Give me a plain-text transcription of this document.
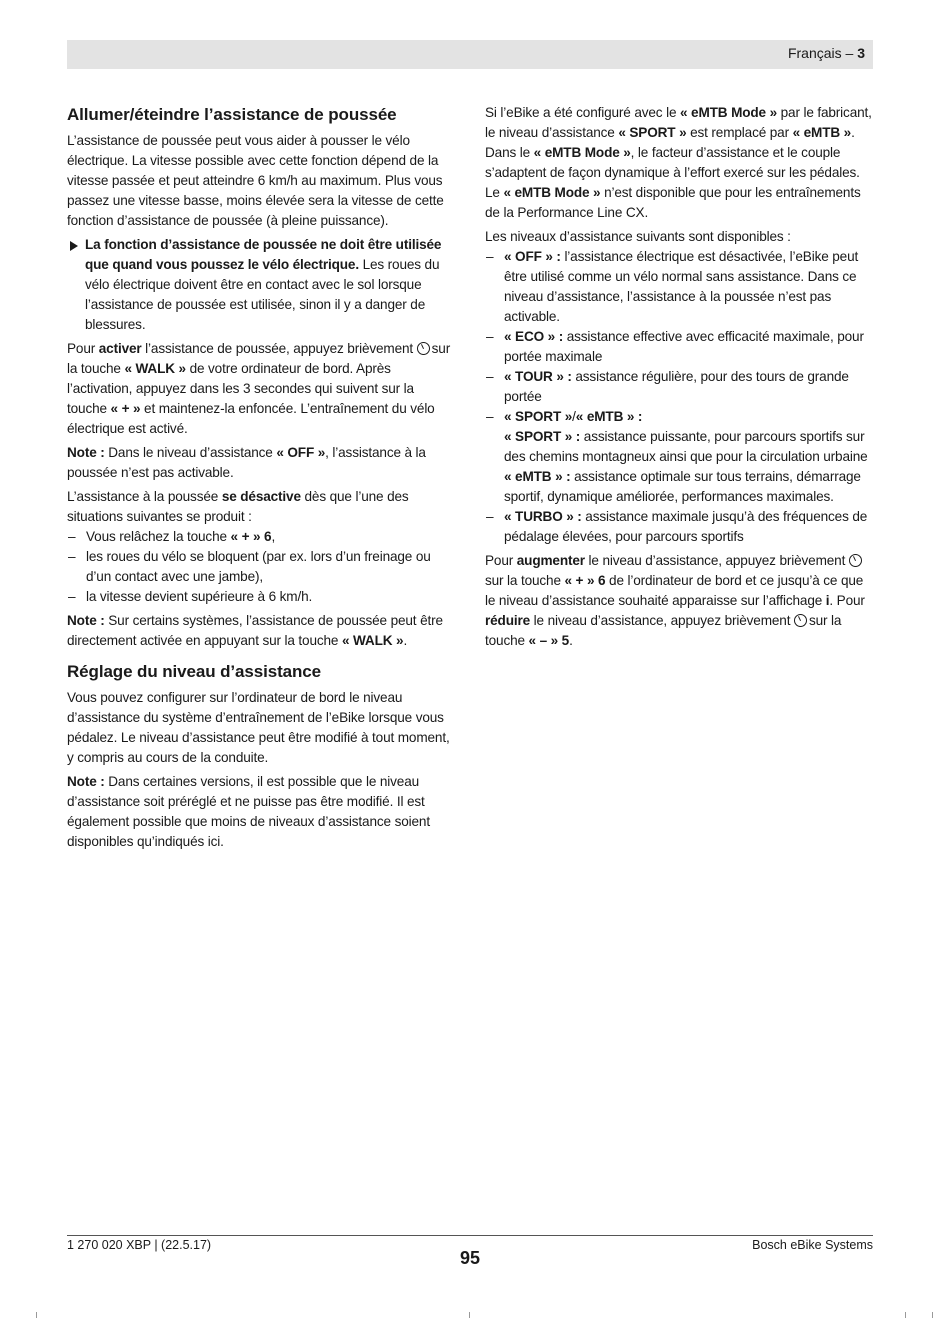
Français – 3
Allumer/éteindre l’assistance de poussée

L’assistance de poussée peut vous aider à pousser le vélo électrique. La vitesse possible avec cette fonction dépend de la vitesse passée et peut atteindre 6 km/h au maximum. Plus vous passez une vitesse basse, moins élevée sera la vitesse de cette fonction d’assistance de poussée (à pleine puissance).

La fonction d’assistance de poussée ne doit être utilisée que quand vous poussez le vélo électrique. Les roues du vélo électrique doivent être en contact avec le sol lorsque l’assistance de poussée est utilisée, sinon il y a danger de blessures.

Pour activer l’assistance de poussée, appuyez brièvement sur la touche « WALK » de votre ordinateur de bord. Après l’activation, appuyez dans les 3 secondes qui suivent sur la touche « + » et maintenez-la enfoncée. L’entraînement du vélo électrique est activé.

Note : Dans le niveau d’assistance « OFF », l’assistance à la poussée n’est pas activable.

L’assistance à la poussée se désactive dès que l’une des situations suivantes se produit :

– Vous relâchez la touche « + » 6,
– les roues du vélo se bloquent (par ex. lors d’un freinage ou d’un contact avec une jambe),
– la vitesse devient supérieure à 6 km/h.

Note : Sur certains systèmes, l’assistance de poussée peut être directement activée en appuyant sur la touche « WALK ».

Réglage du niveau d’assistance

Vous pouvez configurer sur l’ordinateur de bord le niveau d’assistance du système d’entraînement de l’eBike lorsque vous pédalez. Le niveau d’assistance peut être modifié à tout moment, y compris au cours de la conduite.

Note : Dans certaines versions, il est possible que le niveau d’assistance soit préréglé et ne puisse pas être modifié. Il est également possible que moins de niveaux d’assistance soient disponibles qu’indiqués ici.

Si l’eBike a été configuré avec le « eMTB Mode » par le fabricant, le niveau d’assistance « SPORT » est remplacé par « eMTB ». Dans le « eMTB Mode », le facteur d’assistance et le couple s’adaptent de façon dynamique à l’effort exercé sur les pédales. Le « eMTB Mode » n’est disponible que pour les entraînements de la Performance Line CX.

Les niveaux d’assistance suivants sont disponibles :

– « OFF » : l’assistance électrique est désactivée, l’eBike peut être utilisé comme un vélo normal sans assistance. Dans ce niveau d’assistance, l’assistance à la poussée n’est pas activable.
– « ECO » : assistance effective avec efficacité maximale, pour portée maximale
– « TOUR » : assistance régulière, pour des tours de grande portée
– « SPORT »/« eMTB » :
« SPORT » : assistance puissante, pour parcours sportifs sur des chemins montagneux ainsi que pour la circulation urbaine
« eMTB » : assistance optimale sur tous terrains, démarrage sportif, dynamique améliorée, performances maximales.
– « TURBO » : assistance maximale jusqu’à des fréquences de pédalage élevées, pour parcours sportifs

Pour augmenter le niveau d’assistance, appuyez brièvement sur la touche « + » 6 de l’ordinateur de bord et ce jusqu’à ce que le niveau d’assistance souhaité apparaisse sur l’affichage i. Pour réduire le niveau d’assistance, appuyez brièvement sur la touche « – » 5.

1 270 020 XBP | (22.5.17)	Bosch eBike Systems
95
